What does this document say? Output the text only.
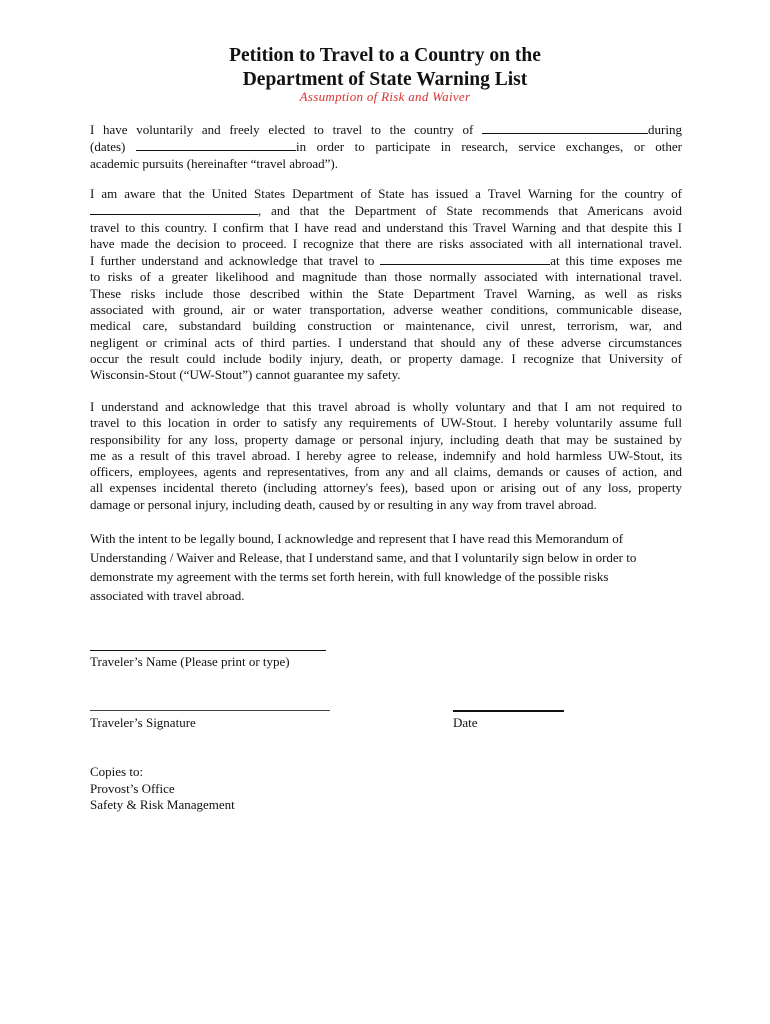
Petition to Travel to a Country on the
Department of State Warning List
Assumption of Risk and Waiver
I have voluntarily and freely elected to travel to the country of	during
(dates)	in order to participate in research, service exchanges, or other
academic pursuits (hereinafter “travel abroad”).
I am aware that the United States Department of State has issued a Travel Warning for the country of
, and that the Department of State recommends that Americans avoid
travel to this country. I confirm that I have read and understand this Travel Warning and that despite this I
have made the decision to proceed. I recognize that there are risks associated with all international travel.
I further understand and acknowledge that travel to	at this time exposes me
to risks of a greater likelihood and magnitude than those normally associated with international travel.
These risks include those described within the State Department Travel Warning, as well as risks
associated with ground, air or water transportation, adverse weather conditions, communicable disease,
medical care, substandard building construction or maintenance, civil unrest, terrorism, war, and
negligent or criminal acts of third parties. I understand that should any of these adverse circumstances
occur the result could include bodily injury, death, or property damage. I recognize that University of
Wisconsin-Stout (“UW-Stout”) cannot guarantee my safety.
I understand and acknowledge that this travel abroad is wholly voluntary and that I am not required to
travel to this location in order to satisfy any requirements of UW-Stout. I hereby voluntarily assume full
responsibility for any loss, property damage or personal injury, including death that may be sustained by
me as a result of this travel abroad. I hereby agree to release, indemnify and hold harmless UW-Stout, its
officers, employees, agents and representatives, from any and all claims, demands or causes of action, and
all expenses incidental thereto (including attorney's fees), based upon or arising out of any loss, property
damage or personal injury, including death, caused by or resulting in any way from travel abroad.
With the intent to be legally bound, I acknowledge and represent that I have read this Memorandum of
Understanding / Waiver and Release, that I understand same, and that I voluntarily sign below in order to
demonstrate my agreement with the terms set forth herein, with full knowledge of the possible risks
associated with travel abroad.
Traveler’s Name (Please print or type)
Traveler’s Signature	Date
Copies to:
Provost’s Office
Safety & Risk Management
